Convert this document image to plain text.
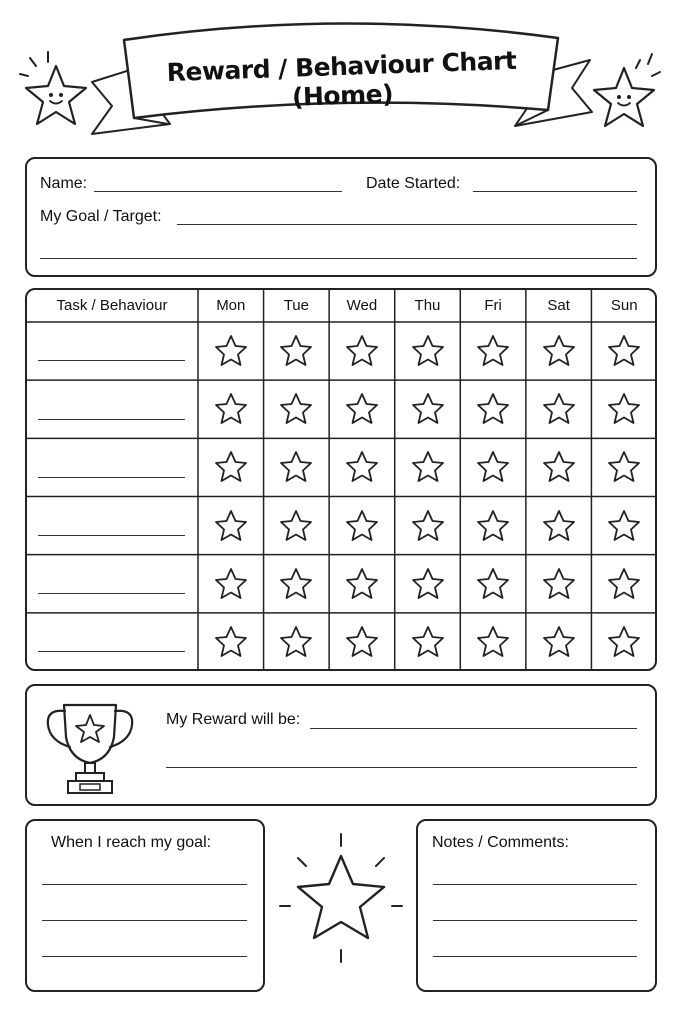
Reward / Behaviour Chart (Home)
Name:	Date Started:
My Goal / Target:
Task / Behaviour	Mon	Tue	Wed	Thu	Fri	Sat	Sun
My Reward will be:
When I reach my goal:	Notes / Comments:
